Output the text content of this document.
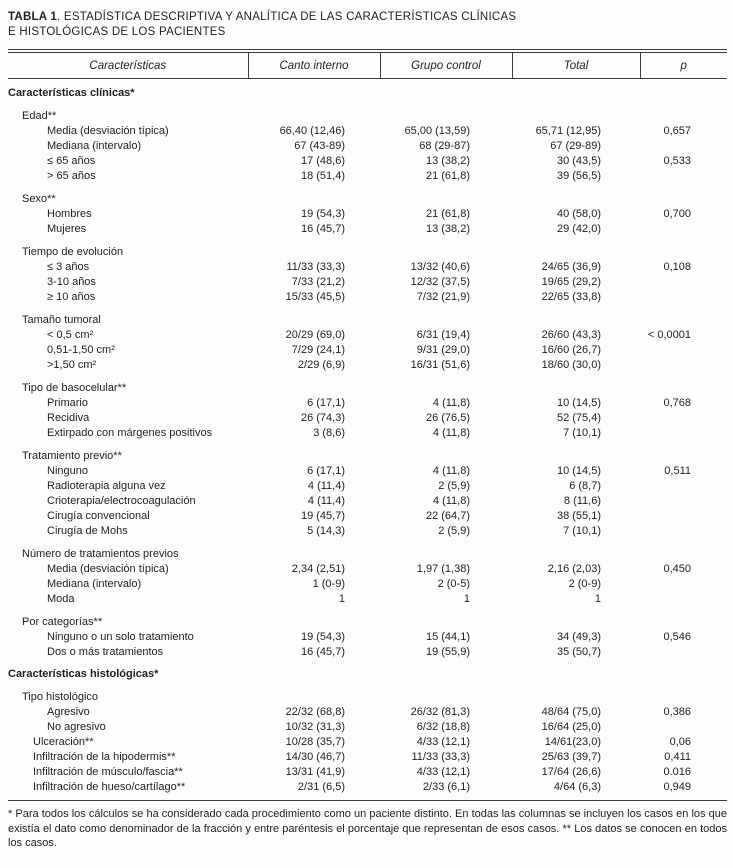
TABLA 1. ESTADÍSTICA DESCRIPTIVA Y ANALÍTICA DE LAS CARACTERÍSTICAS CLÍNICAS
E HISTOLÓGICAS DE LOS PACIENTES
Características	Canto interno	Grupo control	Total	p
Características clínicas*				
Edad**				
Media (desviación típica)	66,40 (12,46)	65,00 (13,59)	65,71 (12,95)	0,657
Mediana (intervalo)	67 (43-89)	68 (29-87)	67 (29-89)	
≤ 65 años	17 (48,6)	13 (38,2)	30 (43,5)	0,533
> 65 años	18 (51,4)	21 (61,8)	39 (56,5)	
Sexo**				
Hombres	19 (54,3)	21 (61,8)	40 (58,0)	0,700
Mujeres	16 (45,7)	13 (38,2)	29 (42,0)	
Tiempo de evolución				
≤ 3 años	11/33 (33,3)	13/32 (40,6)	24/65 (36,9)	0,108
3-10 años	7/33 (21,2)	12/32 (37,5)	19/65 (29,2)	
≥ 10 años	15/33 (45,5)	7/32 (21,9)	22/65 (33,8)	
Tamaño tumoral				
< 0,5 cm²	20/29 (69,0)	6/31 (19,4)	26/60 (43,3)	< 0,0001
0,51-1,50 cm²	7/29 (24,1)	9/31 (29,0)	16/60 (26,7)	
>1,50 cm²	2/29 (6,9)	16/31 (51,6)	18/60 (30,0)	
Tipo de basocelular**				
Primario	6 (17,1)	4 (11,8)	10 (14,5)	0,768
Recidiva	26 (74,3)	26 (76,5)	52 (75,4)	
Extirpado con márgenes positivos	3 (8,6)	4 (11,8)	7 (10,1)	
Tratamiento previo**				
Ninguno	6 (17,1)	4 (11,8)	10 (14,5)	0,511
Radioterapia alguna vez	4 (11,4)	2 (5,9)	6 (8,7)	
Crioterapia/electrocoagulación	4 (11,4)	4 (11,8)	8 (11,6)	
Cirugía convencional	19 (45,7)	22 (64,7)	38 (55,1)	
Cirugía de Mohs	5 (14,3)	2 (5,9)	7 (10,1)	
Número de tratamientos previos				
Media (desviación típica)	2,34 (2,51)	1,97 (1,38)	2,16 (2,03)	0,450
Mediana (intervalo)	1 (0-9)	2 (0-5)	2 (0-9)	
Moda	1	1	1	
Por categorías**				
Ninguno o un solo tratamiento	19 (54,3)	15 (44,1)	34 (49,3)	0,546
Dos o más tratamientos	16 (45,7)	19 (55,9)	35 (50,7)	
Características histológicas*				
Tipo histológico				
Agresivo	22/32 (68,8)	26/32 (81,3)	48/64 (75,0)	0,386
No agresivo	10/32 (31,3)	6/32 (18,8)	16/64 (25,0)	
Ulceración**	10/28 (35,7)	4/33 (12,1)	14/61(23,0)	0,06
Infiltración de la hipodermis**	14/30 (46,7)	11/33 (33,3)	25/63 (39,7)	0,411
Infiltración de músculo/fascia**	13/31 (41,9)	4/33 (12,1)	17/64 (26,6)	0.016
Infiltración de hueso/cartílago**	2/31 (6,5)	2/33 (6,1)	4/64 (6,3)	0,949
* Para todos los cálculos se ha considerado cada procedimiento como un paciente distinto. En todas las columnas se incluyen los casos en los que existía el dato como denominador de la fracción y entre paréntesis el porcentaje que representan de esos casos. ** Los datos se conocen en todos los casos.
